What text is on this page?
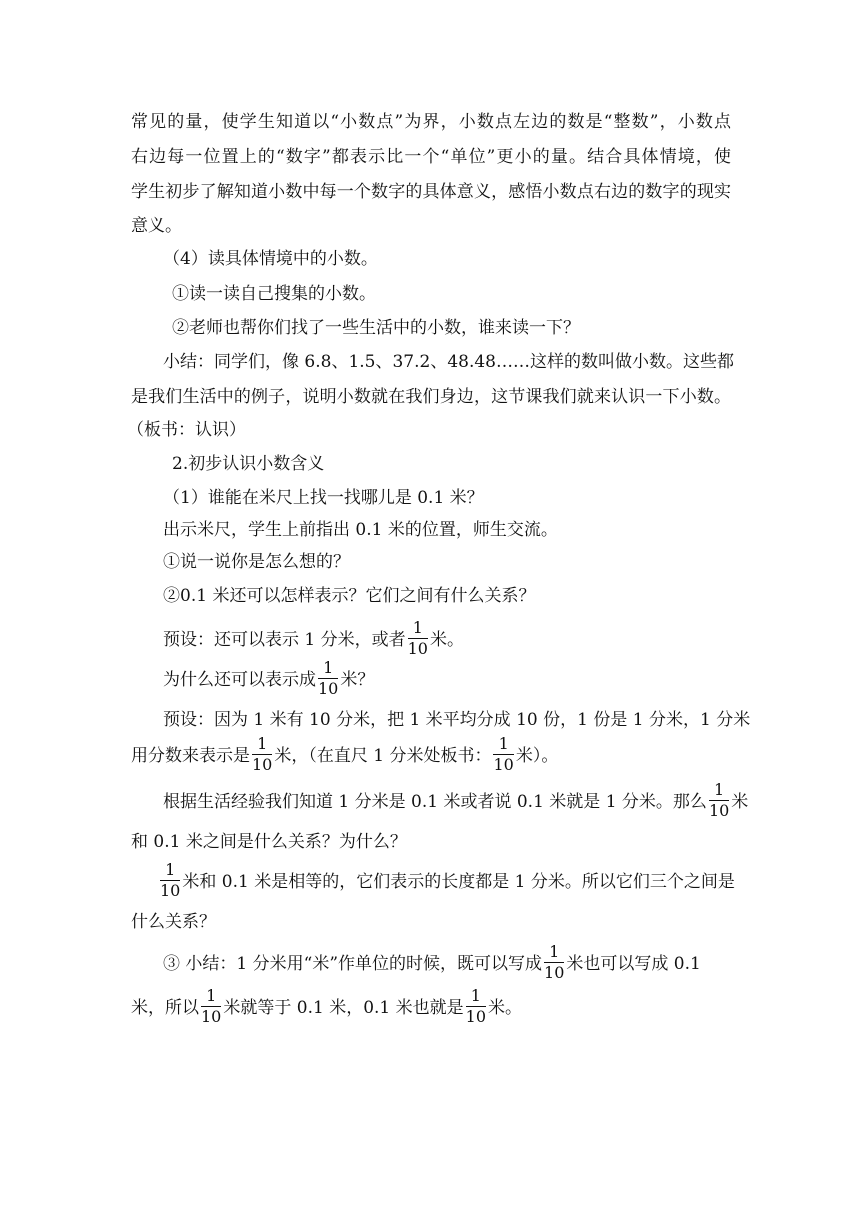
常见的量，使学生知道以“小数点”为界，小数点左边的数是“整数”，小数点
右边每一位置上的“数字”都表示比一个“单位”更小的量。结合具体情境，使
学生初步了解知道小数中每一个数字的具体意义，感悟小数点右边的数字的现实
意义。
（4）读具体情境中的小数。
①读一读自己搜集的小数。
②老师也帮你们找了一些生活中的小数，谁来读一下？
小结：同学们，像 6.8、1.5、37.2、48.48……这样的数叫做小数。这些都
是我们生活中的例子，说明小数就在我们身边，这节课我们就来认识一下小数。
（板书：认识）
2.初步认识小数含义
（1）谁能在米尺上找一找哪儿是 0.1 米？
出示米尺，学生上前指出 0.1 米的位置，师生交流。
①说一说你是怎么想的？
②0.1 米还可以怎样表示？它们之间有什么关系？
预设：还可以表示 1 分米，或者 $\frac{1}{10}$ 米。
为什么还可以表示成 $\frac{1}{10}$ 米？
预设：因为 1 米有 10 分米，把 1 米平均分成 10 份，1 份是 1 分米，1 分米
用分数来表示是 $\frac{1}{10}$ 米，（在直尺 1 分米处板书： $\frac{1}{10}$ 米）。
根据生活经验我们知道 1 分米是 0.1 米或者说 0.1 米就是 1 分米。那么 $\frac{1}{10}$ 米
和 0.1 米之间是什么关系？为什么？
$\frac{1}{10}$ 米和 0.1 米是相等的，它们表示的长度都是 1 分米。所以它们三个之间是
什么关系？
③ 小结：1 分米用“米”作单位的时候，既可以写成 $\frac{1}{10}$ 米也可以写成 0.1
米，所以 $\frac{1}{10}$ 米就等于 0.1 米，0.1 米也就是 $\frac{1}{10}$ 米。
